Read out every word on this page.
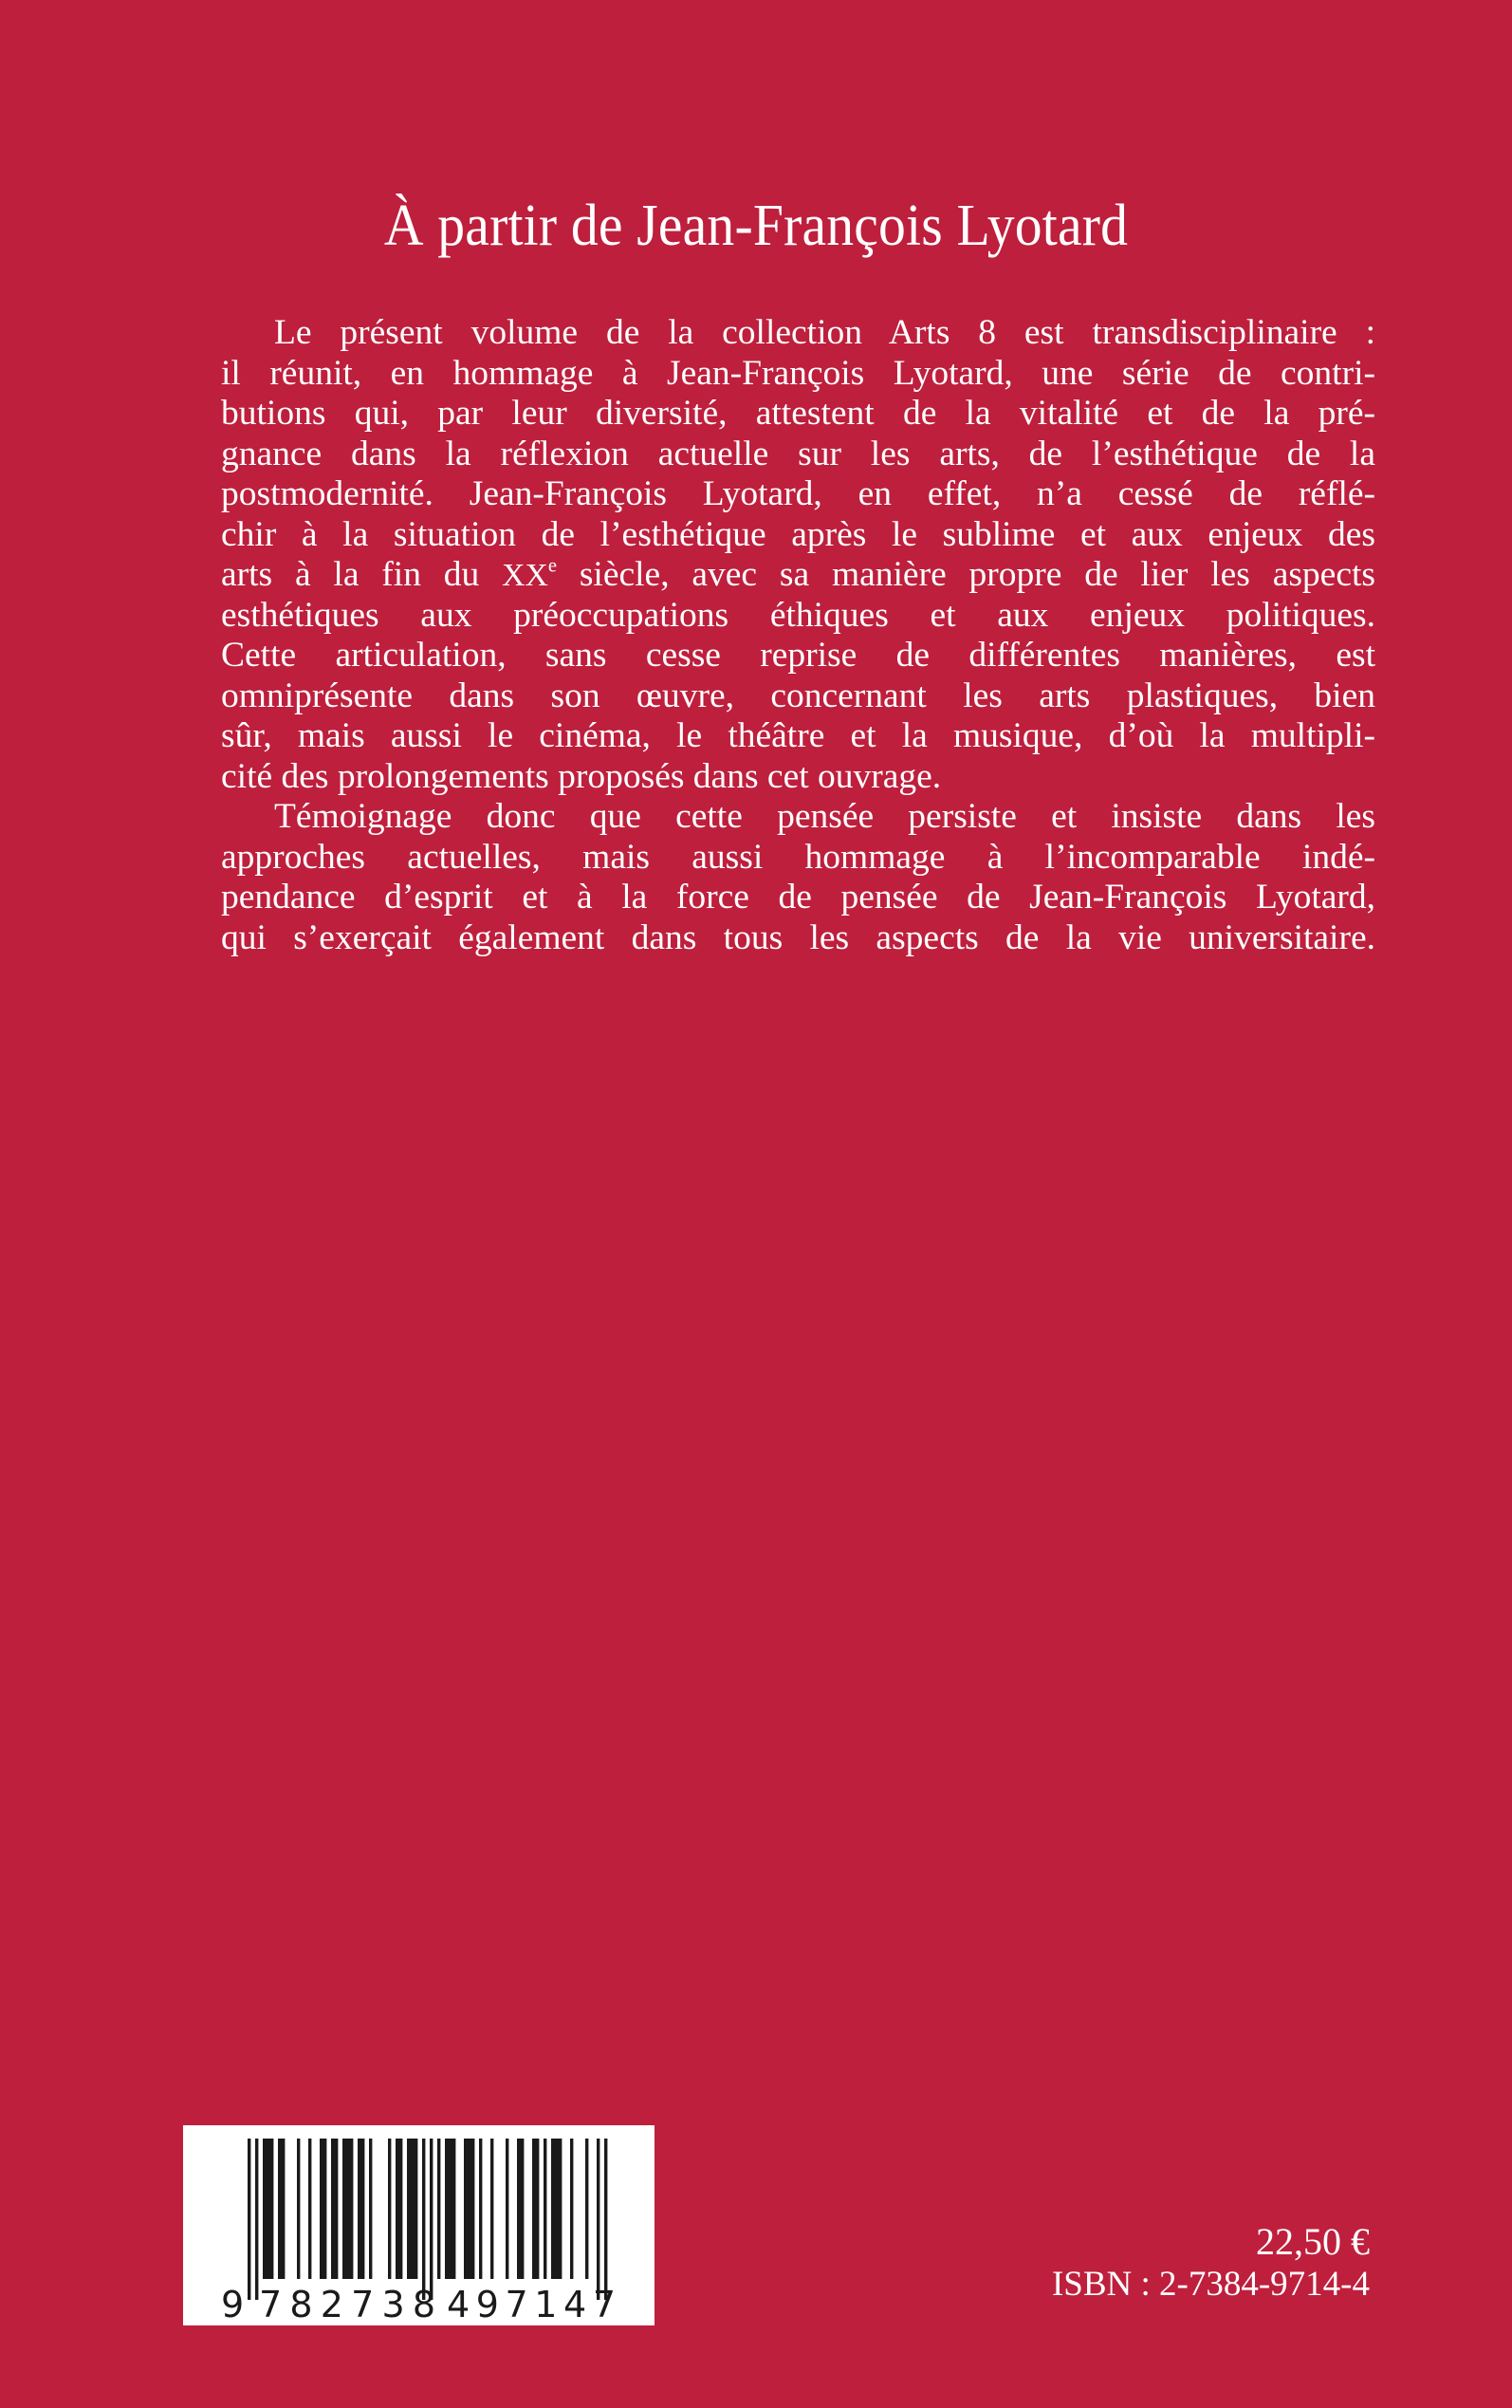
À partir de Jean-François Lyotard
Le présent volume de la collection Arts 8 est transdisciplinaire :
il réunit, en hommage à Jean-François Lyotard, une série de contri-
butions qui, par leur diversité, attestent de la vitalité et de la pré-
gnance dans la réflexion actuelle sur les arts, de l’esthétique de la
postmodernité. Jean-François Lyotard, en effet, n’a cessé de réflé-
chir à la situation de l’esthétique après le sublime et aux enjeux des
arts à la fin du XXe siècle, avec sa manière propre de lier les aspects
esthétiques aux préoccupations éthiques et aux enjeux politiques.
Cette articulation, sans cesse reprise de différentes manières, est
omniprésente dans son œuvre, concernant les arts plastiques, bien
sûr, mais aussi le cinéma, le théâtre et la musique, d’où la multipli-
cité des prolongements proposés dans cet ouvrage.
Témoignage donc que cette pensée persiste et insiste dans les
approches actuelles, mais aussi hommage à l’incomparable indé-
pendance d’esprit et à la force de pensée de Jean-François Lyotard,
qui s’exerçait également dans tous les aspects de la vie universitaire.
9 782738 497147
22,50 €
ISBN : 2-7384-9714-4
